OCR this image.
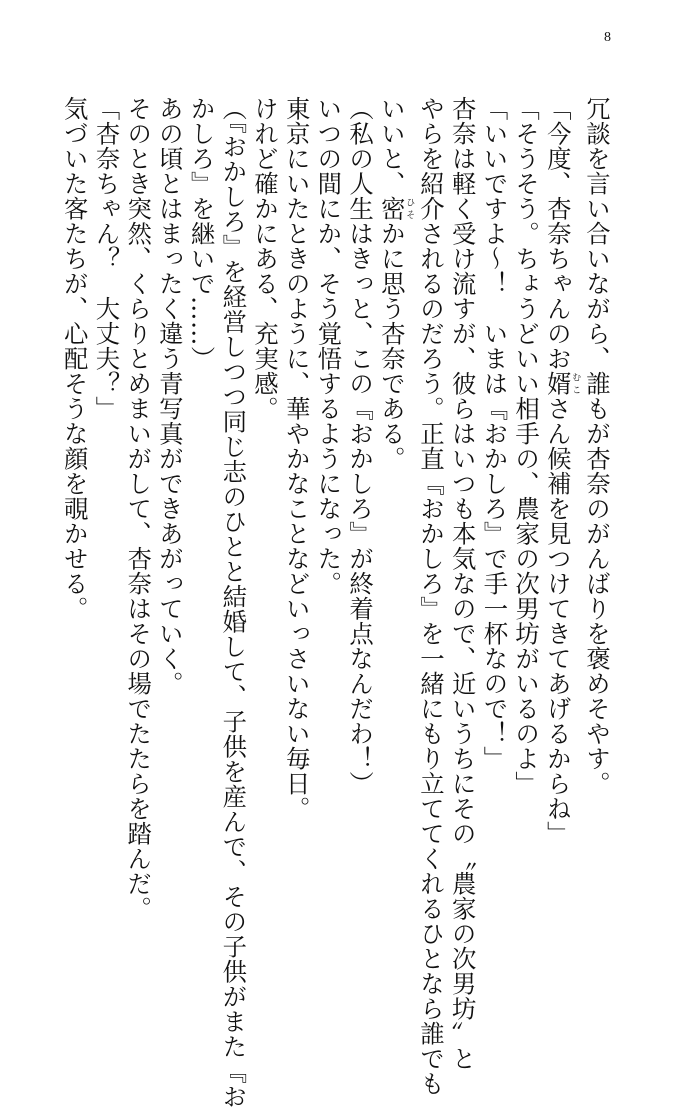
8
冗談を言い合いながら、誰もが杏奈のがんばりを褒めそやす。
「今度、杏奈ちゃんのお婿むこさん候補を見つけてきてあげるからね」
「そうそう。ちょうどいい相手の、農家の次男坊がいるのよ」
「いいですよ～！　いまは『おかしろ』で手一杯なので！」
杏奈は軽く受け流すが、彼らはいつも本気なので、近いうちにその〝農家の次男坊〟と
やらを紹介されるのだろう。正直『おかしろ』を一緒にもり立ててくれるひとなら誰でも
いいと、密ひそかに思う杏奈である。
（私の人生はきっと、この『おかしろ』が終着点なんだわ！）
いつの間にか、そう覚悟するようになった。
東京にいたときのように、華やかなことなどいっさいない毎日。
けれど確かにある、充実感。
（『おかしろ』を経営しつつ同じ志のひとと結婚して、子供を産んで、その子供がまた『お
かしろ』を継いで……）
あの頃とはまったく違う青写真ができあがっていく。
そのとき突然、くらりとめまいがして、杏奈はその場でたたらを踏んだ。
「杏奈ちゃん？　大丈夫？」
気づいた客たちが、心配そうな顔を覗かせる。
